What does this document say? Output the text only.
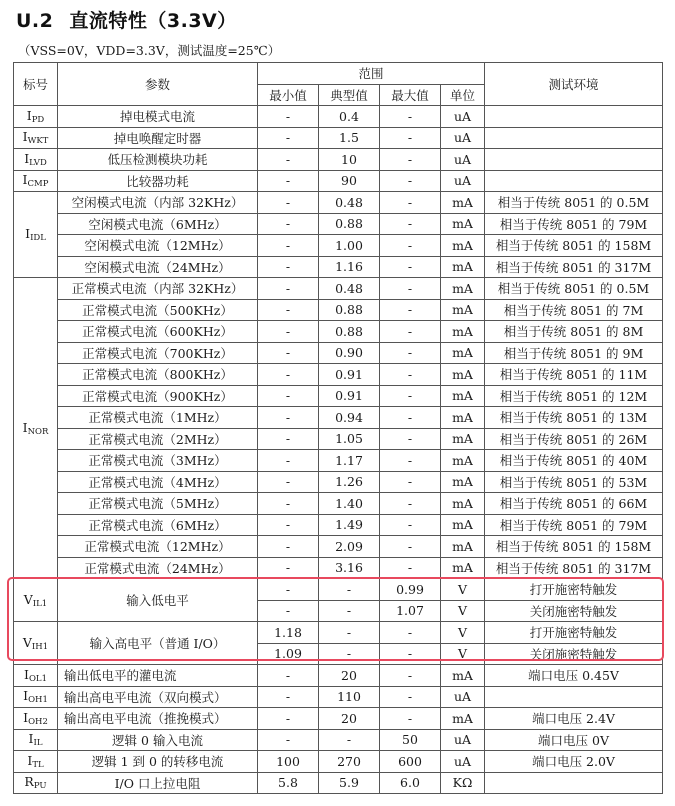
U.2 直流特性（3.3V）
（VSS=0V，VDD=3.3V，测试温度=25℃）
标号	参数	范围				测试环境
		最小值	典型值	最大值	单位	
$I_{PD}$	掉电模式电流	-	0.4	-	uA	
$I_{WKT}$	掉电唤醒定时器	-	1.5	-	uA	
$I_{LVD}$	低压检测模块功耗	-	10	-	uA	
$I_{CMP}$	比较器功耗	-	90	-	uA	
$I_{IDL}$	空闲模式电流（内部 32KHz）	-	0.48	-	mA	相当于传统 8051 的 0.5M
	空闲模式电流（6MHz）	-	0.88	-	mA	相当于传统 8051 的 79M
	空闲模式电流（12MHz）	-	1.00	-	mA	相当于传统 8051 的 158M
	空闲模式电流（24MHz）	-	1.16	-	mA	相当于传统 8051 的 317M
$I_{NOR}$	正常模式电流（内部 32KHz）	-	0.48	-	mA	相当于传统 8051 的 0.5M
	正常模式电流（500KHz）	-	0.88	-	mA	相当于传统 8051 的 7M
	正常模式电流（600KHz）	-	0.88	-	mA	相当于传统 8051 的 8M
	正常模式电流（700KHz）	-	0.90	-	mA	相当于传统 8051 的 9M
	正常模式电流（800KHz）	-	0.91	-	mA	相当于传统 8051 的 11M
	正常模式电流（900KHz）	-	0.91	-	mA	相当于传统 8051 的 12M
	正常模式电流（1MHz）	-	0.94	-	mA	相当于传统 8051 的 13M
	正常模式电流（2MHz）	-	1.05	-	mA	相当于传统 8051 的 26M
	正常模式电流（3MHz）	-	1.17	-	mA	相当于传统 8051 的 40M
	正常模式电流（4MHz）	-	1.26	-	mA	相当于传统 8051 的 53M
	正常模式电流（5MHz）	-	1.40	-	mA	相当于传统 8051 的 66M
	正常模式电流（6MHz）	-	1.49	-	mA	相当于传统 8051 的 79M
	正常模式电流（12MHz）	-	2.09	-	mA	相当于传统 8051 的 158M
	正常模式电流（24MHz）	-	3.16	-	mA	相当于传统 8051 的 317M
$V_{IL1}$	输入低电平	-	-	0.99	V	打开施密特触发
		-	-	1.07	V	关闭施密特触发
$V_{IH1}$	输入高电平（普通 I/O）	1.18	-	-	V	打开施密特触发
		1.09	-	-	V	关闭施密特触发
$I_{OL1}$	输出低电平的灌电流	-	20	-	mA	端口电压 0.45V
$I_{OH1}$	输出高电平电流（双向模式）	-	110	-	uA	
$I_{OH2}$	输出高电平电流（推挽模式）	-	20	-	mA	端口电压 2.4V
$I_{IL}$	逻辑 0 输入电流	-	-	50	uA	端口电压 0V
$I_{TL}$	逻辑 1 到 0 的转移电流	100	270	600	uA	端口电压 2.0V
$R_{PU}$	I/O 口上拉电阻	5.8	5.9	6.0	KΩ	
